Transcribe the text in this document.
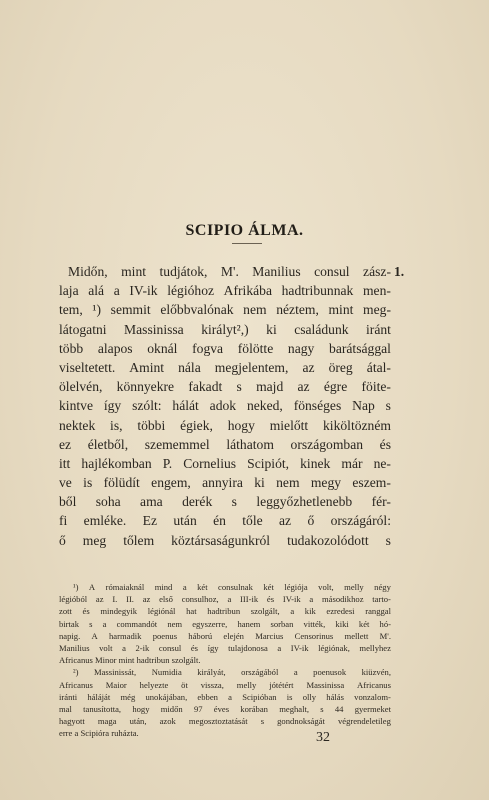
SCIPIO ÁLMA.
Midőn, mint tudjátok, M'. Manilius consul zász-
laja alá a IV-ik légióhoz Afrikába hadtribunnak men-
tem, ¹) semmit előbbvalónak nem néztem, mint meg-
látogatni Massinissa királyt²,) ki családunk iránt
több alapos oknál fogva fölötte nagy barátsággal
viseltetett. Amint nála megjelentem, az öreg átal-
ölelvén, könnyekre fakadt s majd az égre föite-
kintve így szólt: hálát adok neked, fönséges Nap s
nektek is, többi égiek, hogy mielőtt kiköltözném
ez életből, szememmel láthatom országomban és
itt hajlékomban P. Cornelius Scipiót, kinek már ne-
ve is fölüdít engem, annyira ki nem megy eszem-
ből soha ama derék s leggyőzhetlenebb fér-
fi emléke. Ez után én tőle az ő országáról:
ő meg tőlem köztársaságunkról tudakozolódott s
1.
¹) A rómaiaknál mind a két consulnak két légiója volt, melly négy
légióból az I. II. az első consulhoz, a III-ik és IV-ik a másodikhoz tarto-
zott és mindegyik légiónál hat hadtribun szolgált, a kik ezredesi ranggal
birtak s a commandót nem egyszerre, hanem sorban vitték, kiki két hó-
napig. A harmadik poenus háború elején Marcius Censorinus mellett M'.
Manilius volt a 2-ik consul és így tulajdonosa a IV-ik légiónak, mellyhez
Africanus Minor mint hadtribun szolgált.
²) Massinissát, Numidia királyát, országából a poenusok kiüzvén,
Africanus Maior helyezte öt vissza, melly jótétért Massinissa Africanus
iránti háláját még unokájában, ebben a Scipióban is olly hálás vonzalom-
mal tanusította, hogy midőn 97 éves korában meghalt, s 44 gyermeket
hagyott maga után, azok megosztoztatását s gondnokságát végrendeletileg
erre a Scipióra ruházta.	32
